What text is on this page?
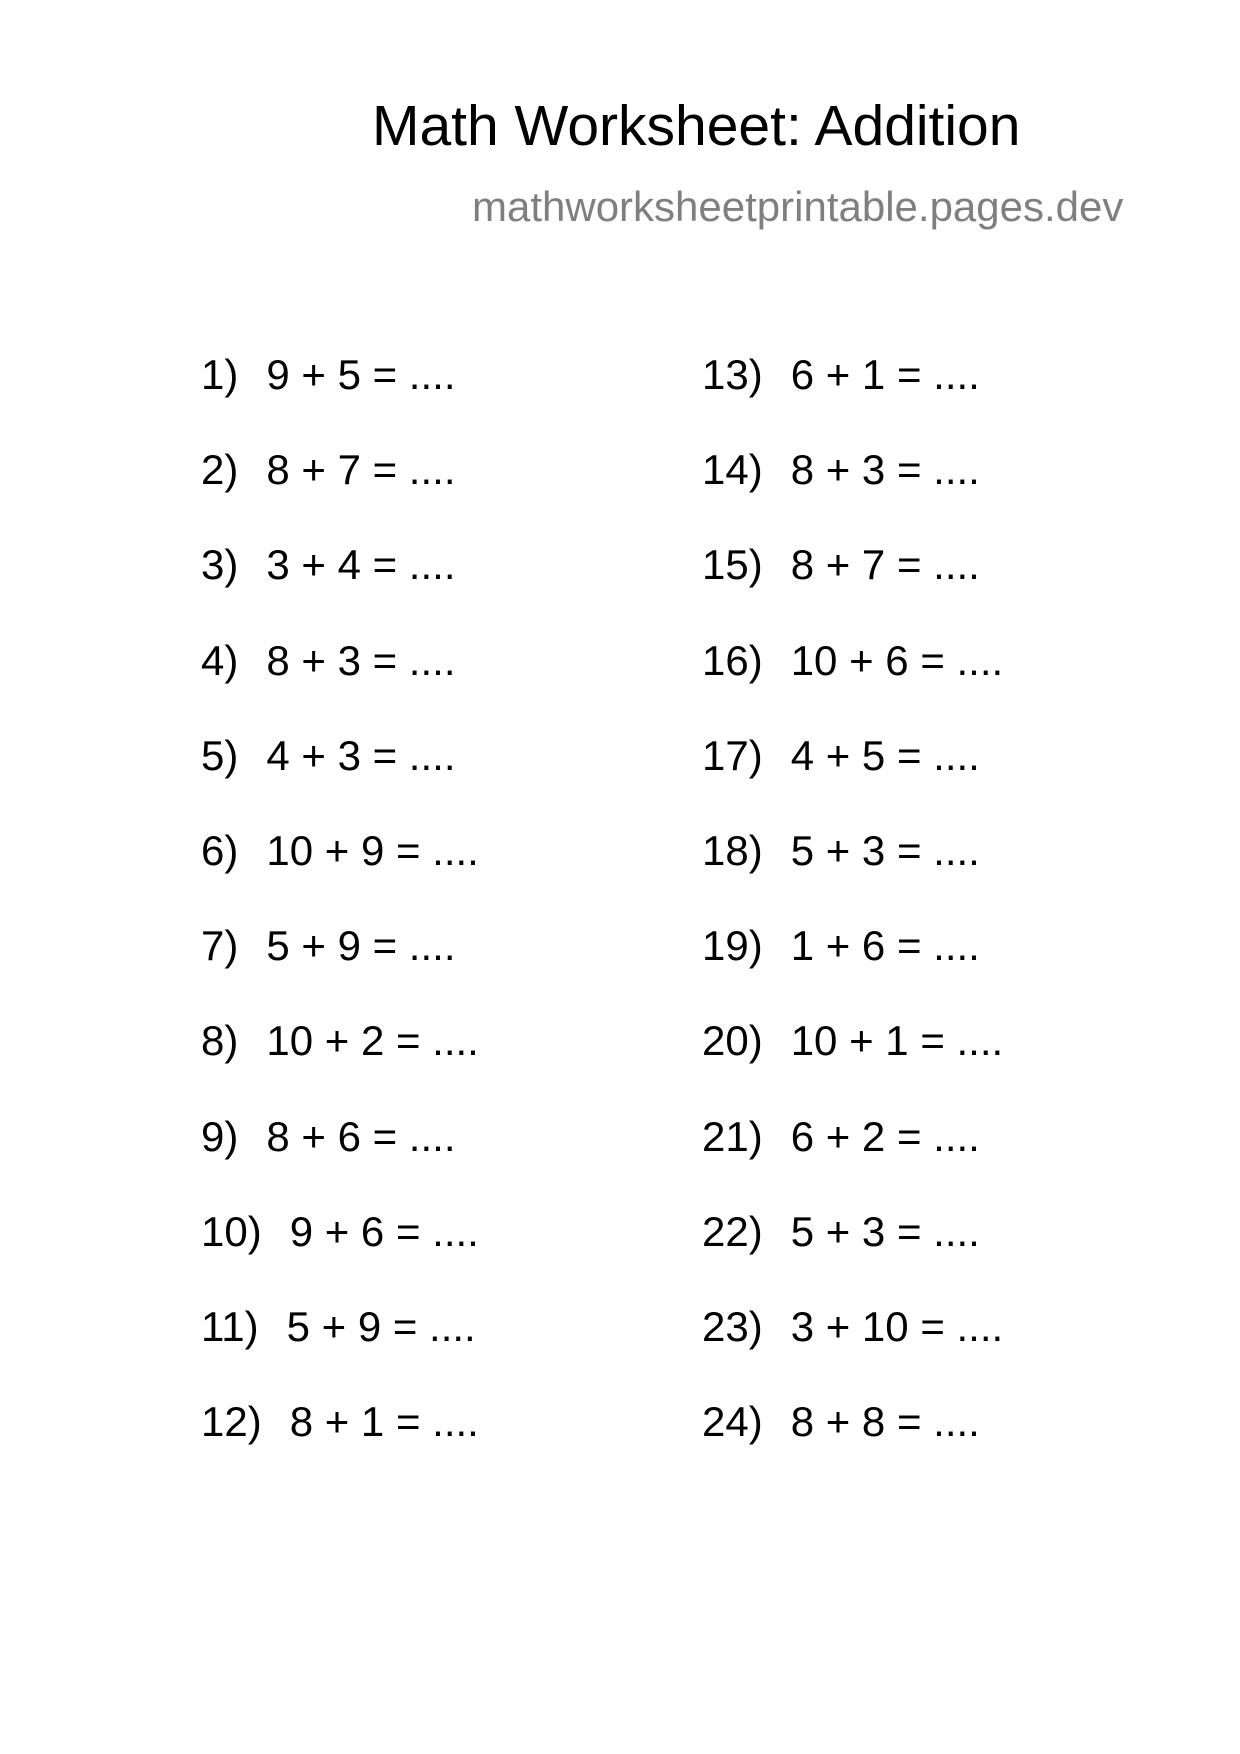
Math Worksheet: Addition
mathworksheetprintable.pages.dev
1) 9 + 5 = ....
2) 8 + 7 = ....
3) 3 + 4 = ....
4) 8 + 3 = ....
5) 4 + 3 = ....
6) 10 + 9 = ....
7) 5 + 9 = ....
8) 10 + 2 = ....
9) 8 + 6 = ....
10) 9 + 6 = ....
11) 5 + 9 = ....
12) 8 + 1 = ....
13) 6 + 1 = ....
14) 8 + 3 = ....
15) 8 + 7 = ....
16) 10 + 6 = ....
17) 4 + 5 = ....
18) 5 + 3 = ....
19) 1 + 6 = ....
20) 10 + 1 = ....
21) 6 + 2 = ....
22) 5 + 3 = ....
23) 3 + 10 = ....
24) 8 + 8 = ....
